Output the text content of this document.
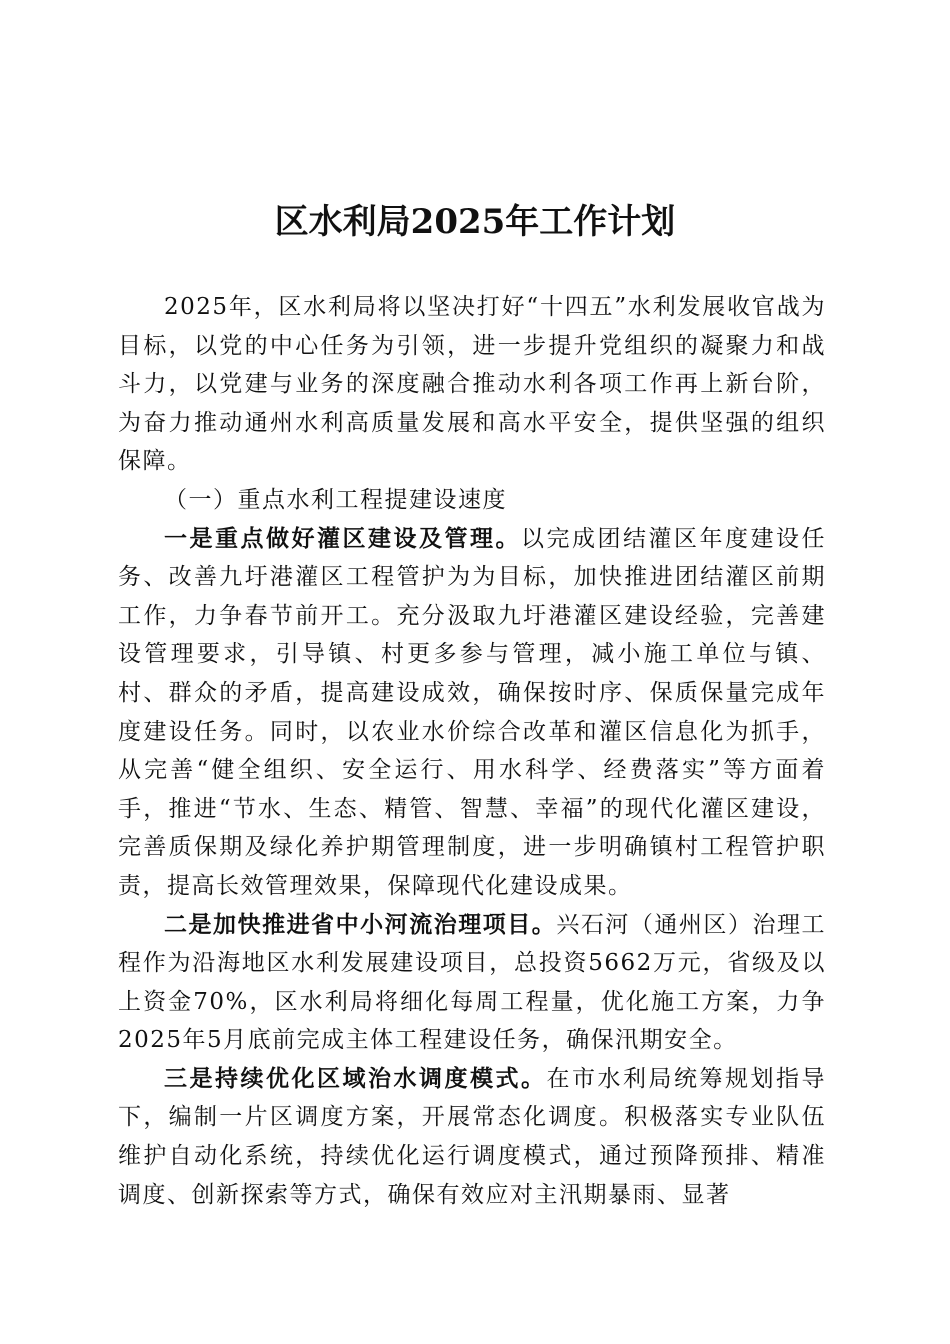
区水利局2025年工作计划

2025年，区水利局将以坚决打好“十四五”水利发展收官战为目标，以党的中心任务为引领，进一步提升党组织的凝聚力和战斗力，以党建与业务的深度融合推动水利各项工作再上新台阶，为奋力推动通州水利高质量发展和高水平安全，提供坚强的组织保障。

（一）重点水利工程提建设速度

一是重点做好灌区建设及管理。以完成团结灌区年度建设任务、改善九圩港灌区工程管护为为目标，加快推进团结灌区前期工作，力争春节前开工。充分汲取九圩港灌区建设经验，完善建设管理要求，引导镇、村更多参与管理，减小施工单位与镇、村、群众的矛盾，提高建设成效，确保按时序、保质保量完成年度建设任务。同时，以农业水价综合改革和灌区信息化为抓手，从完善“健全组织、安全运行、用水科学、经费落实”等方面着手，推进“节水、生态、精管、智慧、幸福”的现代化灌区建设，完善质保期及绿化养护期管理制度，进一步明确镇村工程管护职责，提高长效管理效果，保障现代化建设成果。

二是加快推进省中小河流治理项目。兴石河（通州区）治理工程作为沿海地区水利发展建设项目，总投资5662万元，省级及以上资金70%，区水利局将细化每周工程量，优化施工方案，力争2025年5月底前完成主体工程建设任务，确保汛期安全。

三是持续优化区域治水调度模式。在市水利局统筹规划指导下，编制一片区调度方案，开展常态化调度。积极落实专业队伍维护自动化系统，持续优化运行调度模式，通过预降预排、精准调度、创新探索等方式，确保有效应对主汛期暴雨、显著
